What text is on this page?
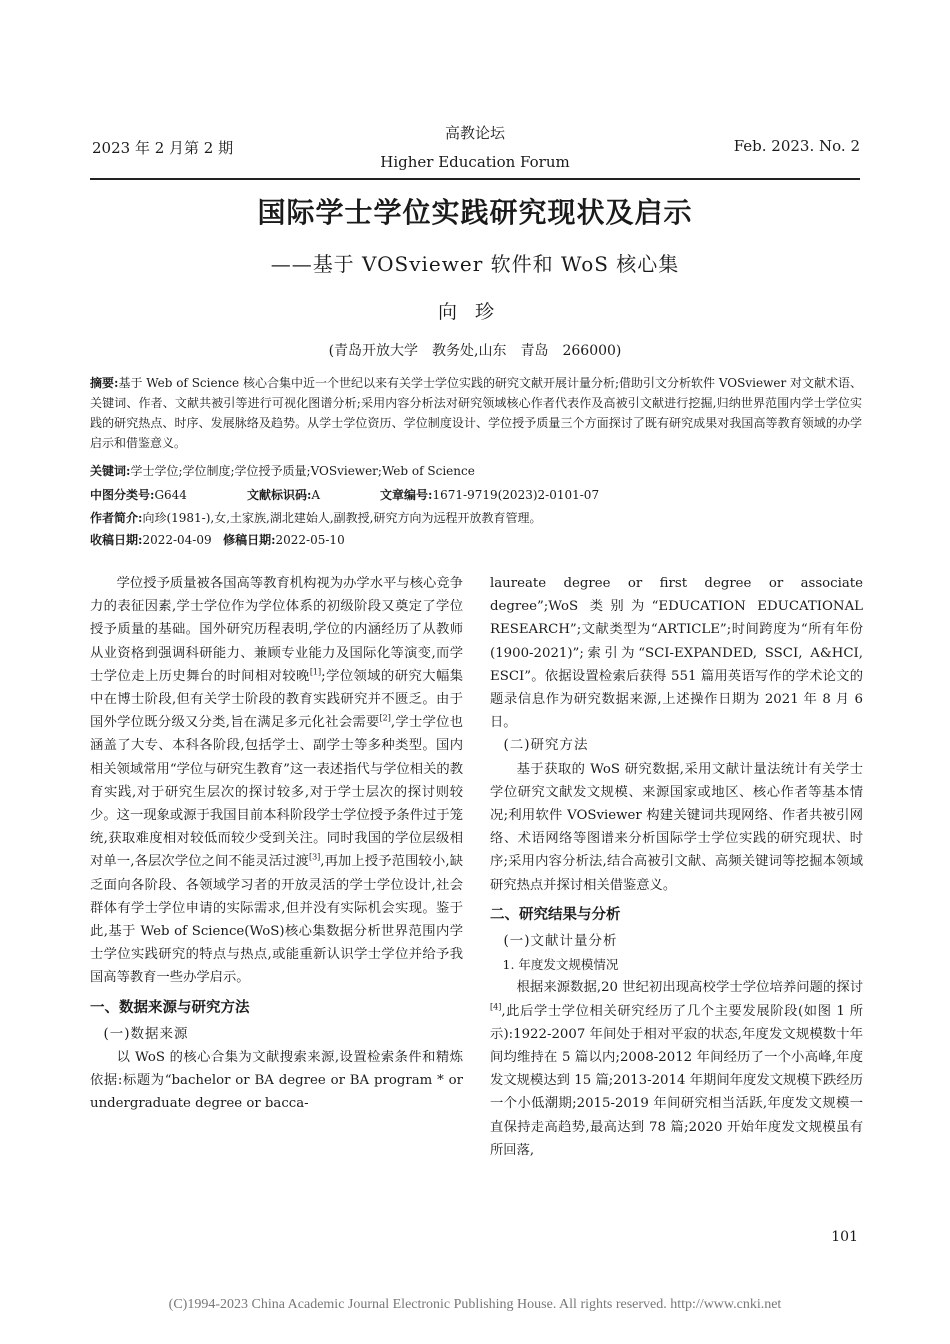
2023 年 2 月第 2 期
高教论坛
Higher Education Forum
Feb. 2023. No. 2
国际学士学位实践研究现状及启示
——基于 VOSviewer 软件和 WoS 核心集
向珍
(青岛开放大学　教务处,山东　青岛　266000)
摘要:基于 Web of Science 核心合集中近一个世纪以来有关学士学位实践的研究文献开展计量分析;借助引文分析软件 VOSviewer 对文献术语、关键词、作者、文献共被引等进行可视化图谱分析;采用内容分析法对研究领域核心作者代表作及高被引文献进行挖掘,归纳世界范围内学士学位实践的研究热点、时序、发展脉络及趋势。从学士学位资历、学位制度设计、学位授予质量三个方面探讨了既有研究成果对我国高等教育领域的办学启示和借鉴意义。
关键词:学士学位;学位制度;学位授予质量;VOSviewer;Web of Science
中图分类号:G644	文献标识码:A	文章编号:1671-9719(2023)2-0101-07
作者简介:向珍(1981-),女,土家族,湖北建始人,副教授,研究方向为远程开放教育管理。
收稿日期:2022-04-09 修稿日期:2022-05-10

学位授予质量被各国高等教育机构视为办学水平与核心竞争力的表征因素,学士学位作为学位体系的初级阶段又奠定了学位授予质量的基础。国外研究历程表明,学位的内涵经历了从教师从业资格到强调科研能力、兼顾专业能力及国际化等演变,而学士学位走上历史舞台的时间相对较晚[1];学位领域的研究大幅集中在博士阶段,但有关学士阶段的教育实践研究并不匮乏。由于国外学位既分级又分类,旨在满足多元化社会需要[2],学士学位也涵盖了大专、本科各阶段,包括学士、副学士等多种类型。国内相关领域常用“学位与研究生教育”这一表述指代与学位相关的教育实践,对于研究生层次的探讨较多,对于学士层次的探讨则较少。这一现象或源于我国目前本科阶段学士学位授予条件过于笼统,获取难度相对较低而较少受到关注。同时我国的学位层级相对单一,各层次学位之间不能灵活过渡[3],再加上授予范围较小,缺乏面向各阶段、各领域学习者的开放灵活的学士学位设计,社会群体有学士学位申请的实际需求,但并没有实际机会实现。鉴于此,基于 Web of Science(WoS)核心集数据分析世界范围内学士学位实践研究的特点与热点,或能重新认识学士学位并给予我国高等教育一些办学启示。

一、数据来源与研究方法

(一)数据来源

以 WoS 的核心合集为文献搜索来源,设置检索条件和精炼依据:标题为“bachelor or BA degree or BA program * or undergraduate degree or bacca-

laureate degree or first degree or associate degree”;WoS 类别为“EDUCATION EDUCATIONAL RESEARCH”;文献类型为“ARTICLE”;时间跨度为“所有年份(1900-2021)”;索引为“SCI-EXPANDED, SSCI, A&HCI, ESCI”。依据设置检索后获得 551 篇用英语写作的学术论文的题录信息作为研究数据来源,上述操作日期为 2021 年 8 月 6 日。

(二)研究方法

基于获取的 WoS 研究数据,采用文献计量法统计有关学士学位研究文献发文规模、来源国家或地区、核心作者等基本情况;利用软件 VOSviewer 构建关键词共现网络、作者共被引网络、术语网络等图谱来分析国际学士学位实践的研究现状、时序;采用内容分析法,结合高被引文献、高频关键词等挖掘本领域研究热点并探讨相关借鉴意义。

二、研究结果与分析

(一)文献计量分析

1. 年度发文规模情况

根据来源数据,20 世纪初出现高校学士学位培养问题的探讨[4],此后学士学位相关研究经历了几个主要发展阶段(如图 1 所示):1922-2007 年间处于相对平寂的状态,年度发文规模数十年间均维持在 5 篇以内;2008-2012 年间经历了一个小高峰,年度发文规模达到 15 篇;2013-2014 年期间年度发文规模下跌经历一个小低潮期;2015-2019 年间研究相当活跃,年度发文规模一直保持走高趋势,最高达到 78 篇;2020 开始年度发文规模虽有所回落,

101
(C)1994-2023 China Academic Journal Electronic Publishing House. All rights reserved. http://www.cnki.net
